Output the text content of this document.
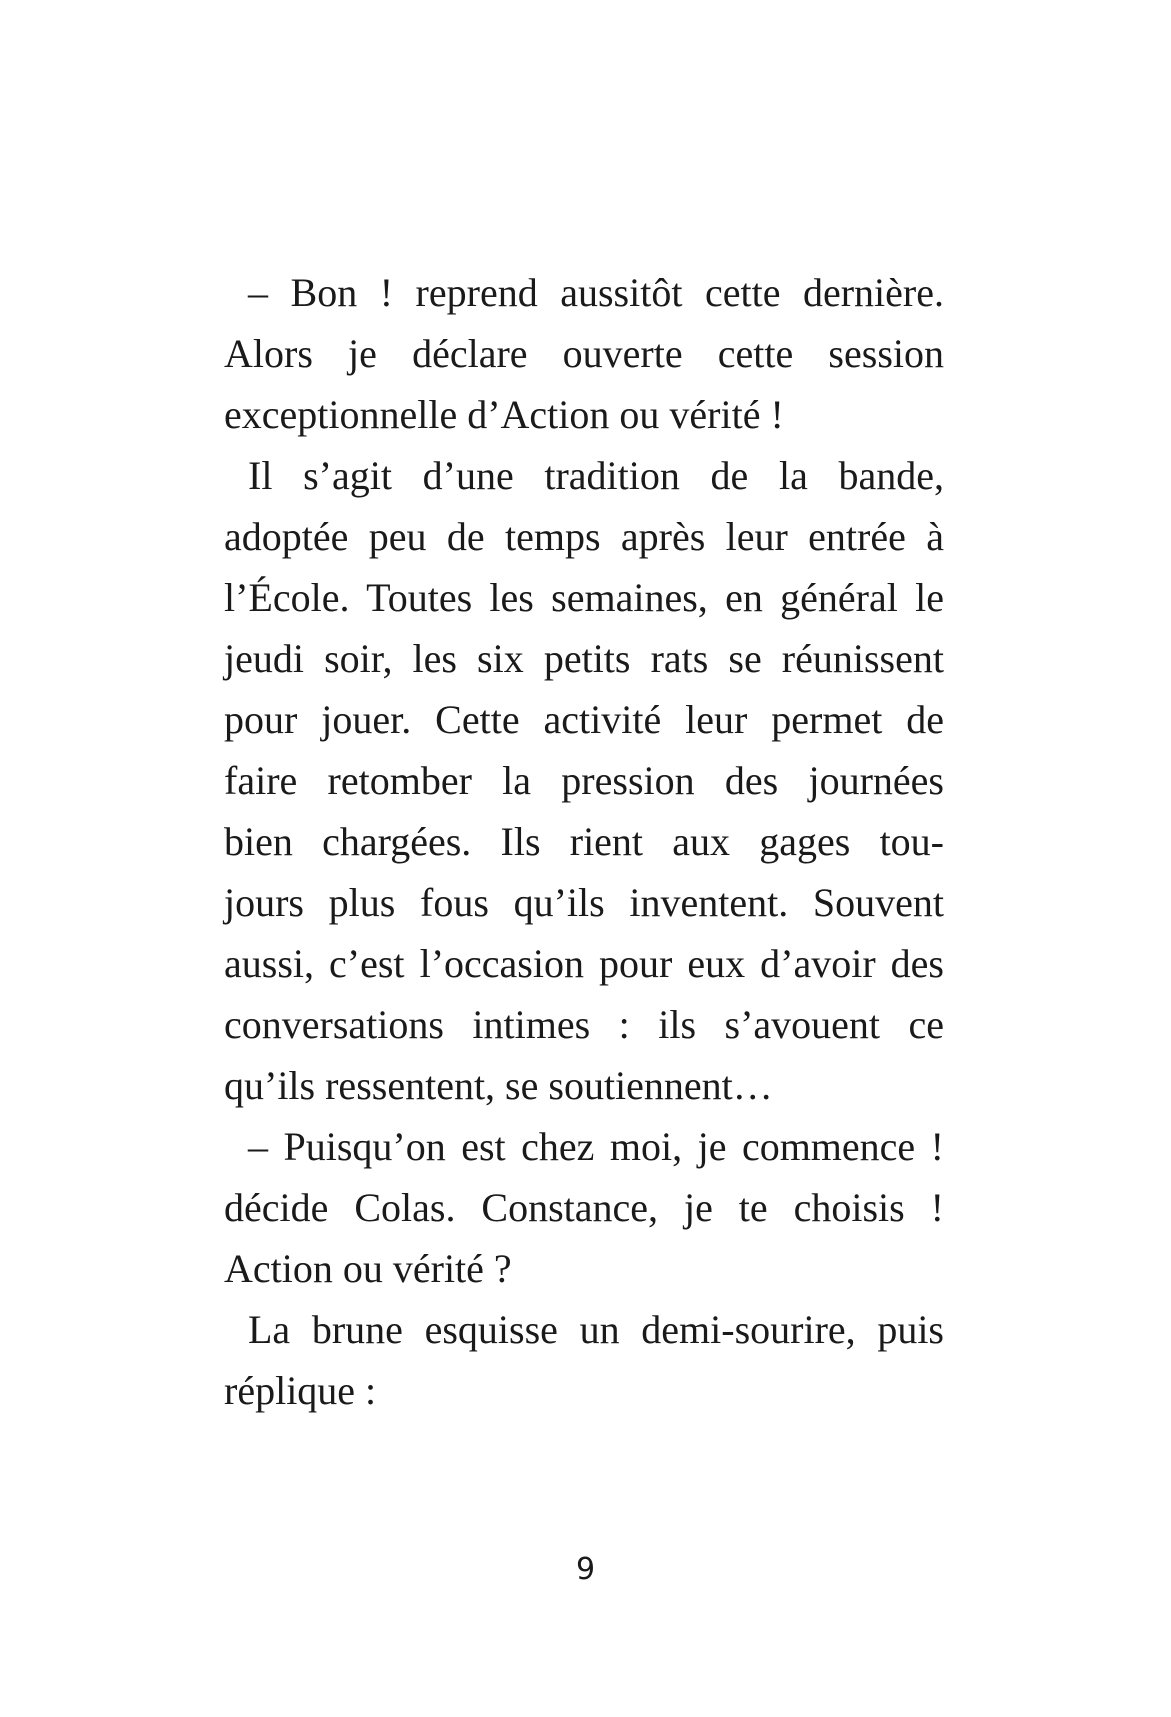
– Bon ! reprend aussitôt cette dernière.
Alors je déclare ouverte cette session
exceptionnelle d’Action ou vérité !
Il s’agit d’une tradition de la bande,
adoptée peu de temps après leur entrée à
l’École. Toutes les semaines, en général le
jeudi soir, les six petits rats se réunissent
pour jouer. Cette activité leur permet de
faire retomber la pression des journées
bien chargées. Ils rient aux gages tou-
jours plus fous qu’ils inventent. Souvent
aussi, c’est l’occasion pour eux d’avoir des
conversations intimes : ils s’avouent ce
qu’ils ressentent, se soutiennent…
– Puisqu’on est chez moi, je commence !
décide Colas. Constance, je te choisis !
Action ou vérité ?
La brune esquisse un demi-sourire, puis
réplique :
9
